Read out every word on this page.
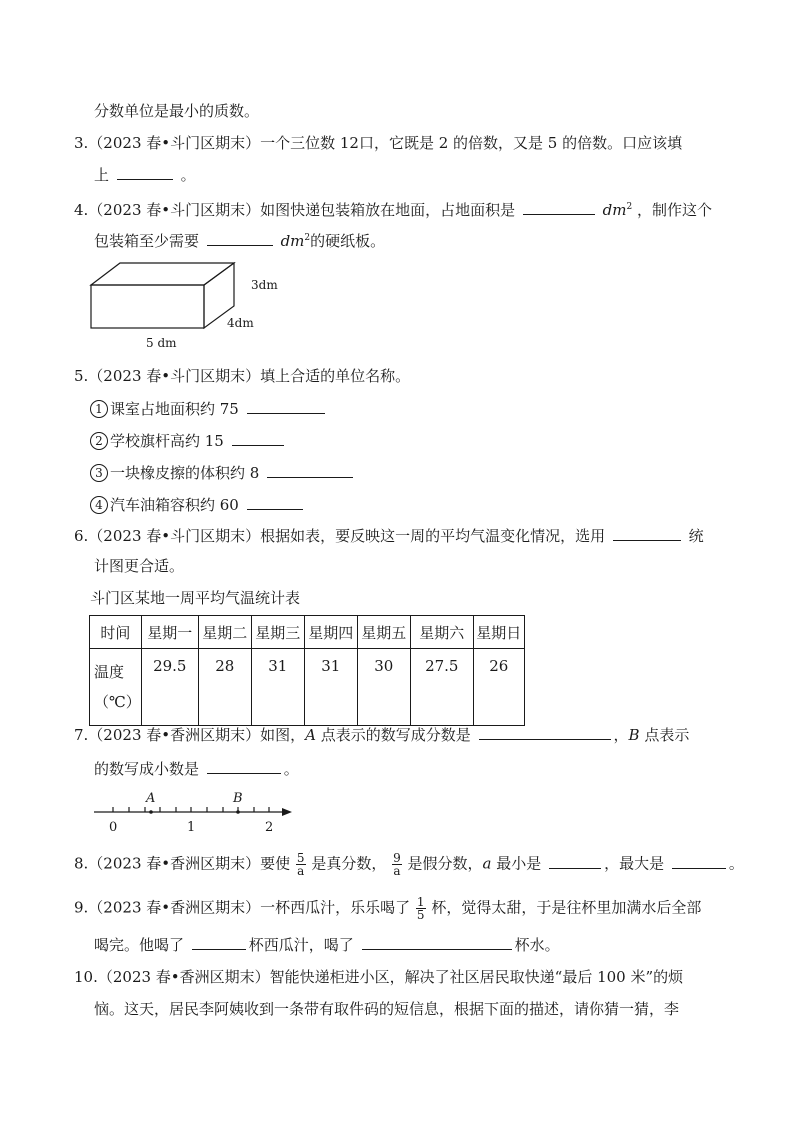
分数单位是最小的质数。
3.（2023 春•斗门区期末）一个三位数 12口，它既是 2 的倍数，又是 5 的倍数。口应该填
上	。
4.（2023 春•斗门区期末）如图快递包装箱放在地面，占地面积是	$dm^2$ ，制作这个
包装箱至少需要	$dm^2$的硬纸板。
3dm
4dm
5 dm
5.（2023 春•斗门区期末）填上合适的单位名称。
1 课室占地面积约 75
2 学校旗杆高约 15
3 一块橡皮擦的体积约 8
4 汽车油箱容积约 60
6.（2023 春•斗门区期末）根据如表，要反映这一周的平均气温变化情况，选用	统
计图更合适。
斗门区某地一周平均气温统计表
时间	星期一	星期二	星期三	星期四	星期五	星期六	星期日
温度
（℃）	29.5	28	31	31	30	27.5	26
7.（2023 春•香洲区期末）如图，A 点表示的数写成分数是	，B 点表示
的数写成小数是	。
A	B
0	1	2
8.（2023 春•香洲区期末）要使 $\frac{5}{a}$ 是真分数， $\frac{9}{a}$ 是假分数，a 最小是	，最大是	。
9.（2023 春•香洲区期末）一杯西瓜汁，乐乐喝了 $\frac{1}{5}$ 杯，觉得太甜，于是往杯里加满水后全部
喝完。他喝了	杯西瓜汁，喝了	杯水。
10.（2023 春•香洲区期末）智能快递柜进小区，解决了社区居民取快递“最后 100 米”的烦
恼。这天，居民李阿姨收到一条带有取件码的短信息，根据下面的描述，请你猜一猜，李
